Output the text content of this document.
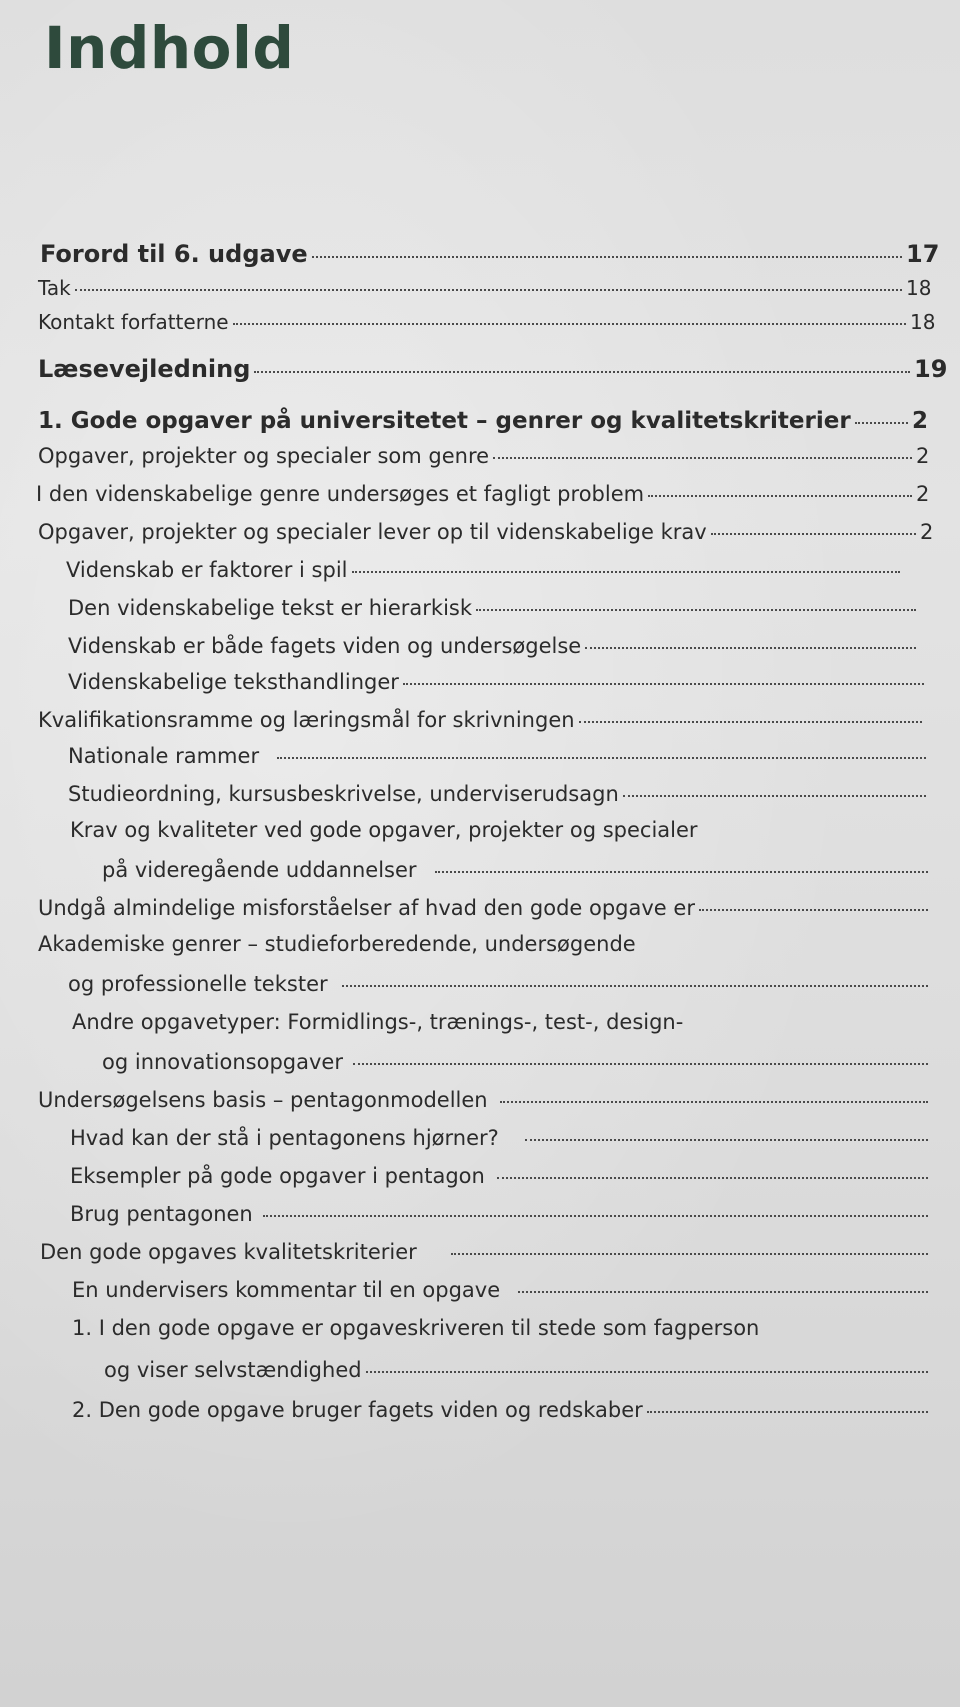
Indhold
Forord til 6. udgave	17
Tak	18
Kontakt forfatterne	18
Læsevejledning	19
1. Gode opgaver på universitetet – genrer og kvalitetskriterier	2
Opgaver, projekter og specialer som genre	2
I den videnskabelige genre undersøges et fagligt problem	2
Opgaver, projekter og specialer lever op til videnskabelige krav	2
Videnskab er faktorer i spil
Den videnskabelige tekst er hierarkisk
Videnskab er både fagets viden og undersøgelse
Videnskabelige teksthandlinger
Kvalifikationsramme og læringsmål for skrivningen
Nationale rammer
Studieordning, kursusbeskrivelse, underviserudsagn
Krav og kvaliteter ved gode opgaver, projekter og specialer
på videregående uddannelser
Undgå almindelige misforståelser af hvad den gode opgave er
Akademiske genrer – studieforberedende, undersøgende
og professionelle tekster
Andre opgavetyper: Formidlings-, trænings-, test-, design-
og innovationsopgaver
Undersøgelsens basis – pentagonmodellen
Hvad kan der stå i pentagonens hjørner?
Eksempler på gode opgaver i pentagon
Brug pentagonen
Den gode opgaves kvalitetskriterier
En undervisers kommentar til en opgave
1. I den gode opgave er opgaveskriveren til stede som fagperson
og viser selvstændighed
2. Den gode opgave bruger fagets viden og redskaber
